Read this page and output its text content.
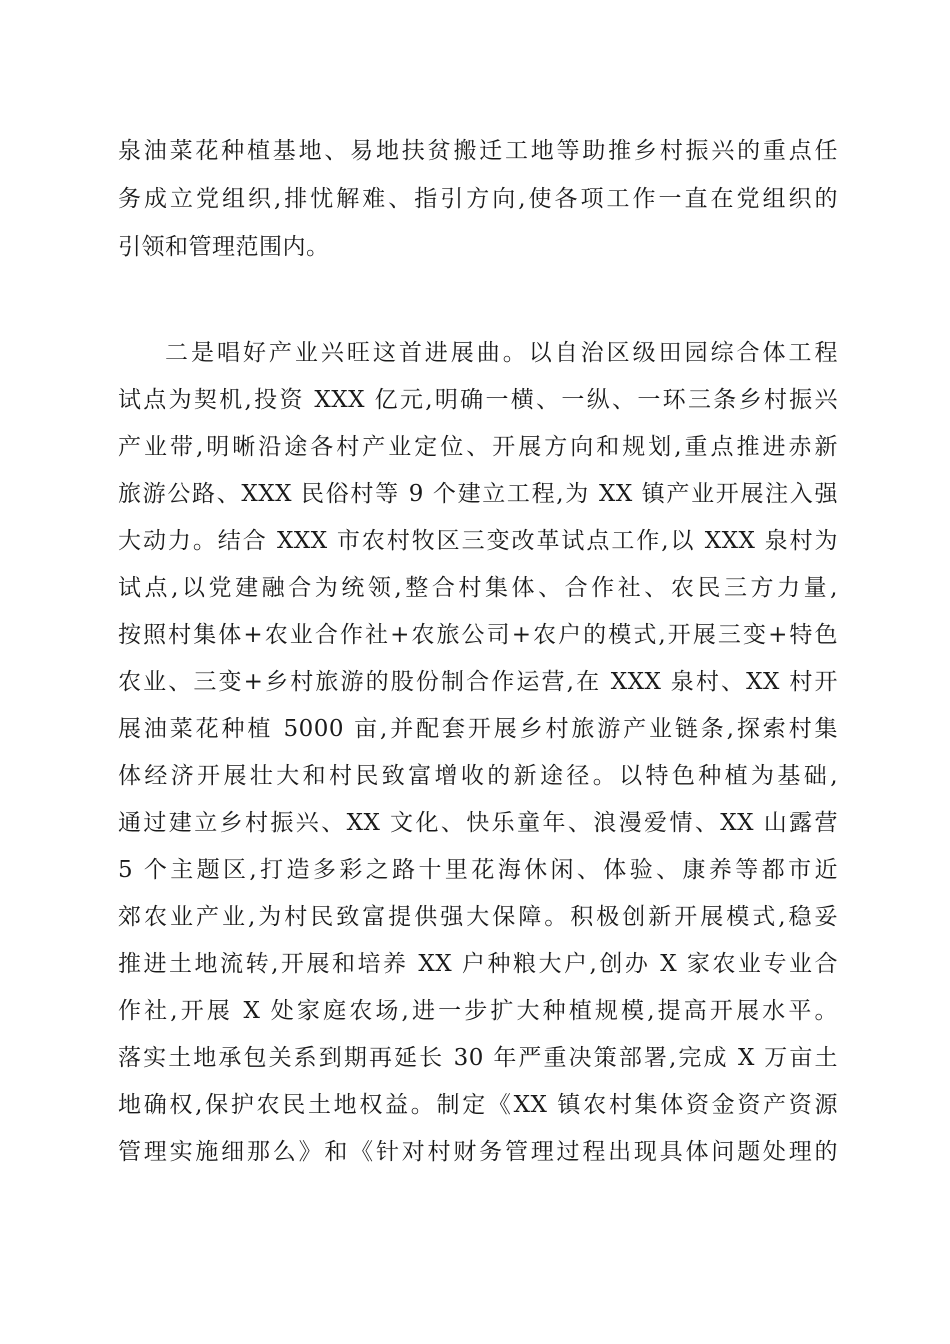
泉油菜花种植基地、易地扶贫搬迁工地等助推乡村振兴的重点任
务成立党组织,排忧解难、指引方向,使各项工作一直在党组织的
引领和管理范围内。
二是唱好产业兴旺这首进展曲。以自治区级田园综合体工程
试点为契机,投资 XXX 亿元,明确一横、一纵、一环三条乡村振兴
产业带,明晰沿途各村产业定位、开展方向和规划,重点推进赤新
旅游公路、XXX 民俗村等 9 个建立工程,为 XX 镇产业开展注入强
大动力。结合 XXX 市农村牧区三变改革试点工作,以 XXX 泉村为
试点,以党建融合为统领,整合村集体、合作社、农民三方力量,
按照村集体+农业合作社+农旅公司+农户的模式,开展三变+特色
农业、三变+乡村旅游的股份制合作运营,在 XXX 泉村、XX 村开
展油菜花种植 5000 亩,并配套开展乡村旅游产业链条,探索村集
体经济开展壮大和村民致富增收的新途径。以特色种植为基础,
通过建立乡村振兴、XX 文化、快乐童年、浪漫爱情、XX 山露营
5 个主题区,打造多彩之路十里花海休闲、体验、康养等都市近
郊农业产业,为村民致富提供强大保障。积极创新开展模式,稳妥
推进土地流转,开展和培养 XX 户种粮大户,创办 X 家农业专业合
作社,开展 X 处家庭农场,进一步扩大种植规模,提高开展水平。
落实土地承包关系到期再延长 30 年严重决策部署,完成 X 万亩土
地确权,保护农民土地权益。制定《XX 镇农村集体资金资产资源
管理实施细那么》和《针对村财务管理过程出现具体问题处理的
